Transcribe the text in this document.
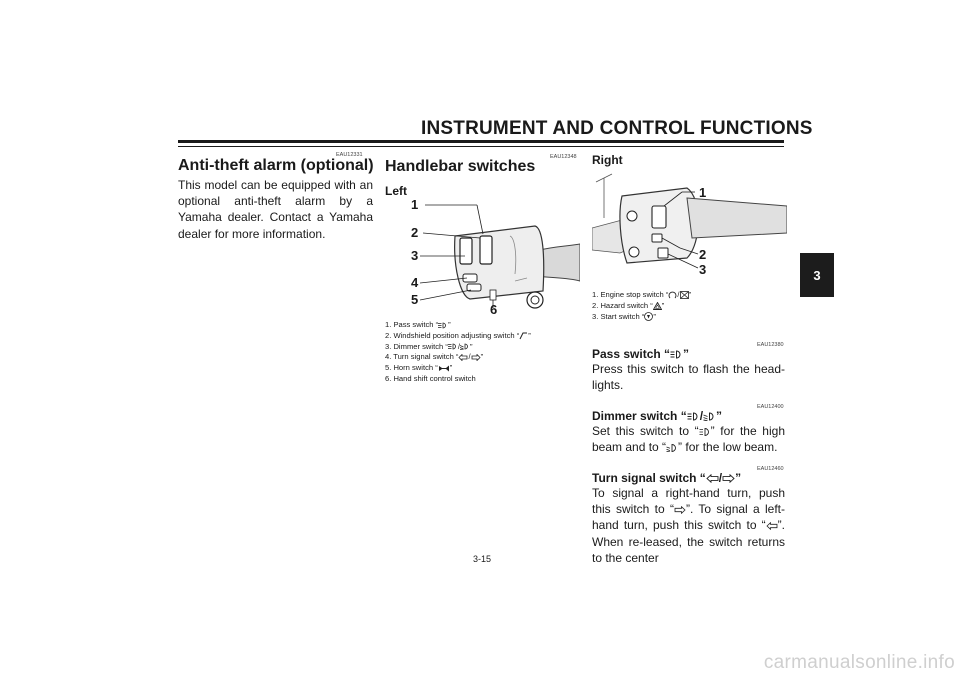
INSTRUMENT AND CONTROL FUNCTIONS
3
EAU12331
Anti-theft alarm (optional)
This model can be equipped with an optional anti-theft alarm by a Yamaha dealer. Contact a Yamaha dealer for more information.
EAU12348
Handlebar switches
Left
1
2
3
4
5
6
1. Pass switch “ ”
2. Windshield position adjusting switch “ ”
3. Dimmer switch “ / ”
4. Turn signal switch “ / ”
5. Horn switch “ ”
6. Hand shift control switch
Right
1
2
3
1. Engine stop switch “ / ”
2. Hazard switch “ ”
3. Start switch “ ”
EAU12380
Pass switch “ ”
Press this switch to flash the head-lights.
EAU12400
Dimmer switch “ / ”
Set this switch to “ ” for the high beam and to “ ” for the low beam.
EAU12460
Turn signal switch “ / ”
To signal a right-hand turn, push this switch to “ ”. To signal a left-hand turn, push this switch to “ ”. When re-leased, the switch returns to the center
3-15
carmanualsonline.info
